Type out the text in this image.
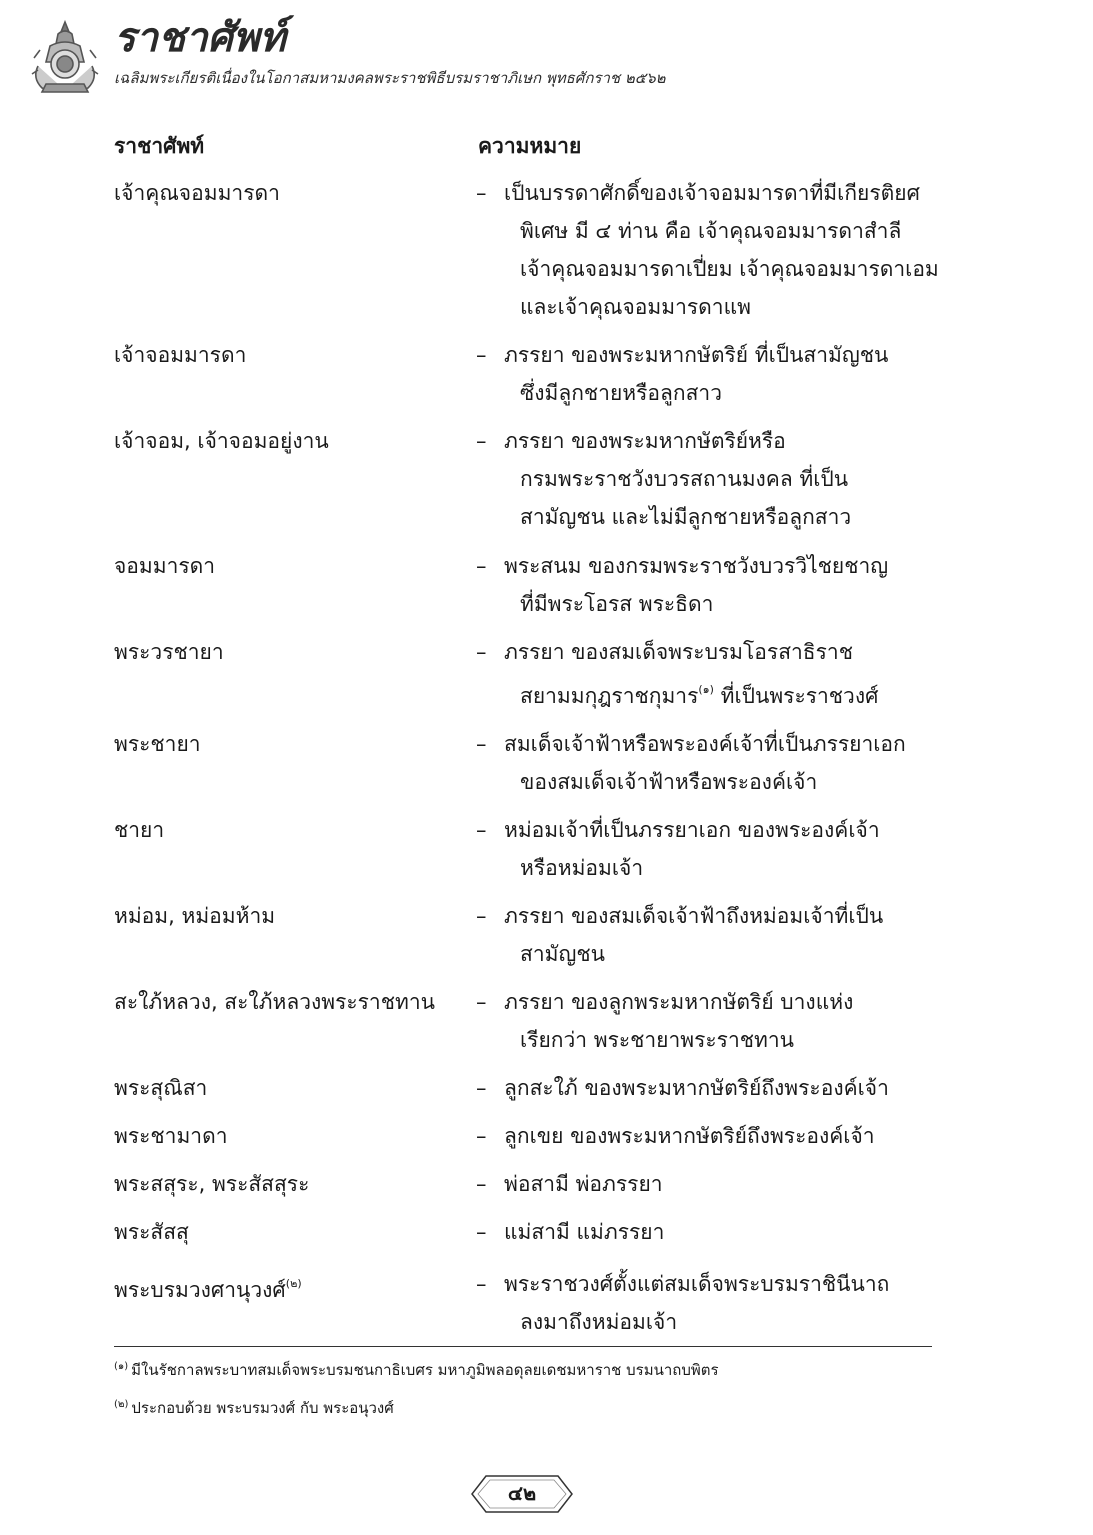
ราชาศัพท์
เฉลิมพระเกียรติเนื่องในโอกาสมหามงคลพระราชพิธีบรมราชาภิเษก พุทธศักราช ๒๕๖๒
ราชาศัพท์	ความหมาย
เจ้าคุณจอมมารดา	– เป็นบรรดาศักดิ์ของเจ้าจอมมารดาที่มีเกียรติยศ
พิเศษ มี ๔ ท่าน คือ เจ้าคุณจอมมารดาสำลี
เจ้าคุณจอมมารดาเปี่ยม เจ้าคุณจอมมารดาเอม
และเจ้าคุณจอมมารดาแพ
เจ้าจอมมารดา	– ภรรยา ของพระมหากษัตริย์ ที่เป็นสามัญชน
ซึ่งมีลูกชายหรือลูกสาว
เจ้าจอม, เจ้าจอมอยู่งาน	– ภรรยา ของพระมหากษัตริย์หรือ
กรมพระราชวังบวรสถานมงคล ที่เป็น
สามัญชน และไม่มีลูกชายหรือลูกสาว
จอมมารดา	– พระสนม ของกรมพระราชวังบวรวิไชยชาญ
ที่มีพระโอรส พระธิดา
พระวรชายา	– ภรรยา ของสมเด็จพระบรมโอรสาธิราช
สยามมกุฎราชกุมาร$^{(๑)}$ ที่เป็นพระราชวงศ์
พระชายา	– สมเด็จเจ้าฟ้าหรือพระองค์เจ้าที่เป็นภรรยาเอก
ของสมเด็จเจ้าฟ้าหรือพระองค์เจ้า
ชายา	– หม่อมเจ้าที่เป็นภรรยาเอก ของพระองค์เจ้า
หรือหม่อมเจ้า
หม่อม, หม่อมห้าม	– ภรรยา ของสมเด็จเจ้าฟ้าถึงหม่อมเจ้าที่เป็น
สามัญชน
สะใภ้หลวง, สะใภ้หลวงพระราชทาน	– ภรรยา ของลูกพระมหากษัตริย์ บางแห่ง
เรียกว่า พระชายาพระราชทาน
พระสุณิสา	– ลูกสะใภ้ ของพระมหากษัตริย์ถึงพระองค์เจ้า
พระชามาดา	– ลูกเขย ของพระมหากษัตริย์ถึงพระองค์เจ้า
พระสสุระ, พระสัสสุระ	– พ่อสามี พ่อภรรยา
พระสัสสุ	– แม่สามี แม่ภรรยา
พระบรมวงศานุวงศ์$^{(๒)}$	– พระราชวงศ์ตั้งแต่สมเด็จพระบรมราชินีนาถ
ลงมาถึงหม่อมเจ้า
$^{(๑)}$ มีในรัชกาลพระบาทสมเด็จพระบรมชนกาธิเบศร มหาภูมิพลอดุลยเดชมหาราช บรมนาถบพิตร
$^{(๒)}$ ประกอบด้วย พระบรมวงศ์ กับ พระอนุวงศ์
๔๒
